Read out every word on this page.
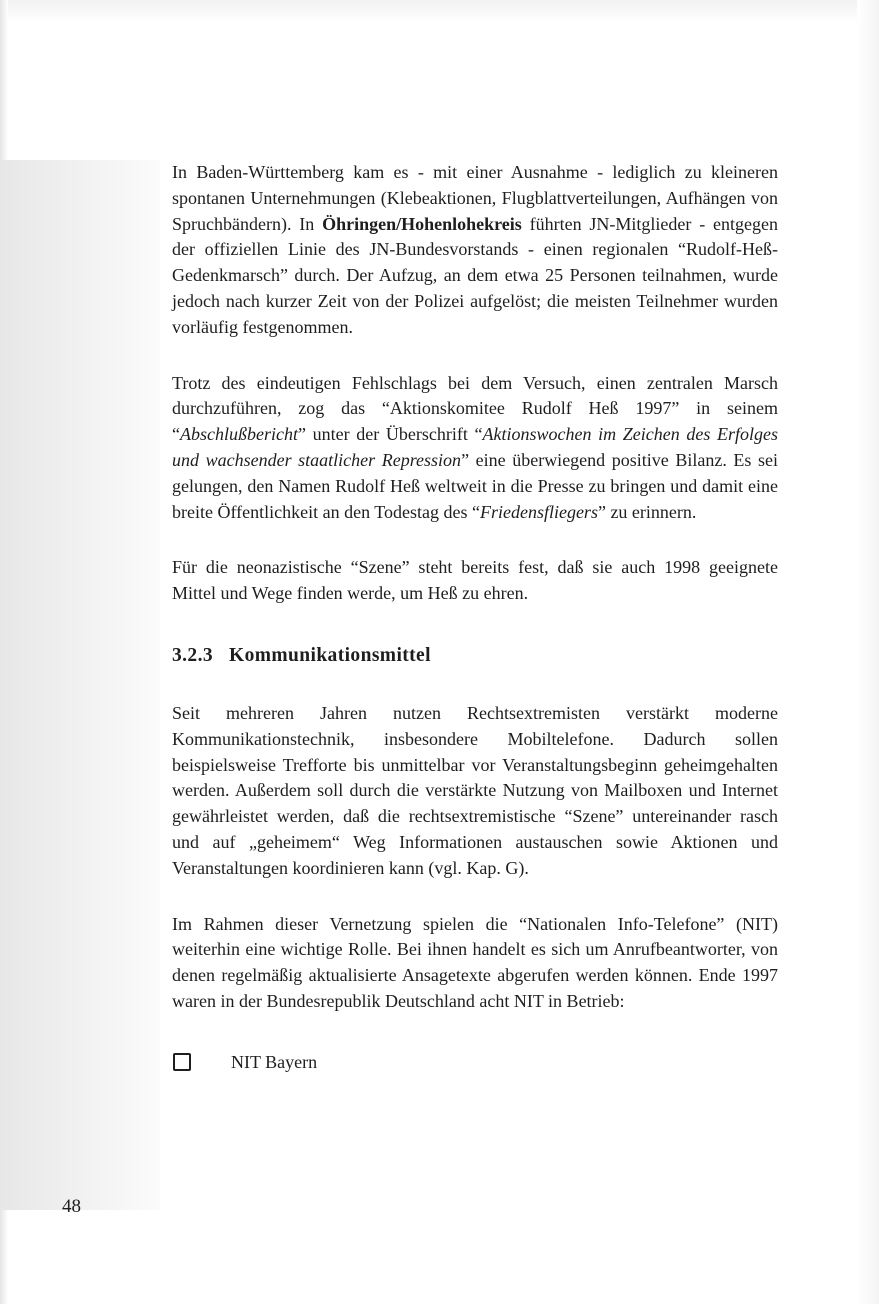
In Baden-Württemberg kam es - mit einer Ausnahme - lediglich zu kleineren spontanen Unternehmungen (Klebeaktionen, Flugblattverteilungen, Aufhängen von Spruchbändern). In Öhringen/Hohenlohekreis führten JN-Mitglieder - entgegen der offiziellen Linie des JN-Bundesvorstands - einen regionalen “Rudolf-Heß-Gedenkmarsch” durch. Der Aufzug, an dem etwa 25 Personen teilnahmen, wurde jedoch nach kurzer Zeit von der Polizei aufgelöst; die meisten Teilnehmer wurden vorläufig festgenommen.

Trotz des eindeutigen Fehlschlags bei dem Versuch, einen zentralen Marsch durchzuführen, zog das “Aktionskomitee Rudolf Heß 1997” in seinem “Abschlußbericht” unter der Überschrift “Aktionswochen im Zeichen des Erfolges und wachsender staatlicher Repression” eine überwiegend positive Bilanz. Es sei gelungen, den Namen Rudolf Heß weltweit in die Presse zu bringen und damit eine breite Öffentlichkeit an den Todestag des “Friedensfliegers” zu erinnern.

Für die neonazistische “Szene” steht bereits fest, daß sie auch 1998 geeignete Mittel und Wege finden werde, um Heß zu ehren.

3.2.3 Kommunikationsmittel

Seit mehreren Jahren nutzen Rechtsextremisten verstärkt moderne Kommunikationstechnik, insbesondere Mobiltelefone. Dadurch sollen beispielsweise Trefforte bis unmittelbar vor Veranstaltungsbeginn geheimgehalten werden. Außerdem soll durch die verstärkte Nutzung von Mailboxen und Internet gewährleistet werden, daß die rechtsextremistische “Szene” untereinander rasch und auf „geheimem“ Weg Informationen austauschen sowie Aktionen und Veranstaltungen koordinieren kann (vgl. Kap. G).

Im Rahmen dieser Vernetzung spielen die “Nationalen Info-Telefone” (NIT) weiterhin eine wichtige Rolle. Bei ihnen handelt es sich um Anrufbeantworter, von denen regelmäßig aktualisierte Ansagetexte abgerufen werden können. Ende 1997 waren in der Bundesrepublik Deutschland acht NIT in Betrieb:

NIT Bayern
48
